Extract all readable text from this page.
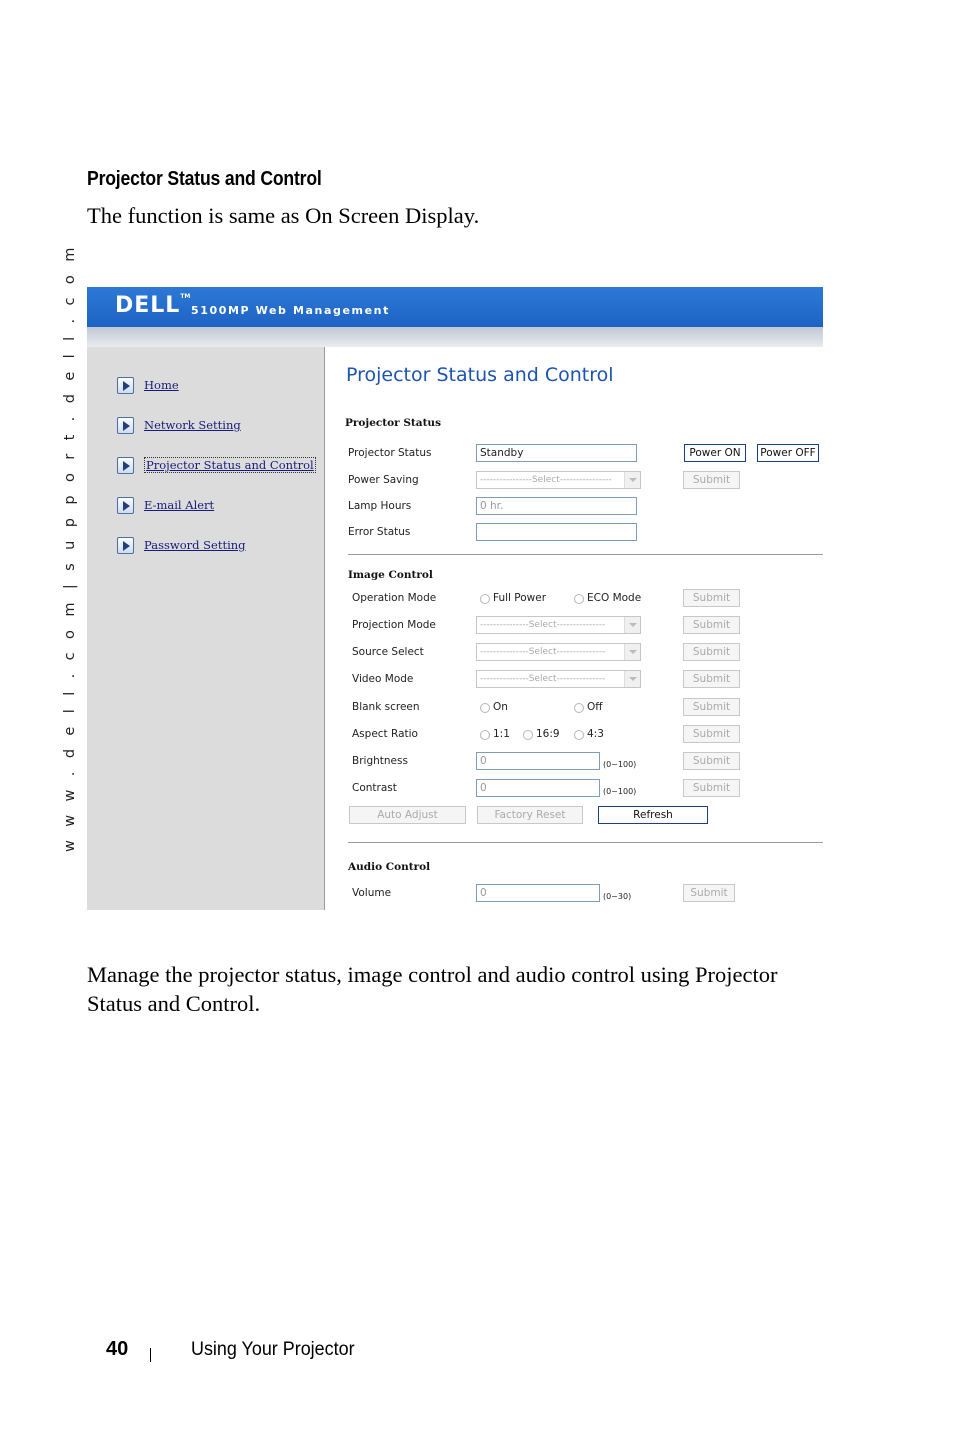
w w w . d e l l . c o m | s u p p o r t . d e l l . c o m
Projector Status and Control
The function is same as On Screen Display.
DELL™
5100MP Web Management
Home
Network Setting
Projector Status and Control
E-mail Alert
Password Setting
Projector Status and Control
Projector Status
Projector Status	Standby	Power ON	Power OFF
Power Saving	----------------Select----------------	Submit
Lamp Hours	0 hr.
Error Status
Image Control
Operation Mode	Full Power	ECO Mode	Submit
Projection Mode	---------------Select---------------	Submit
Source Select	---------------Select---------------	Submit
Video Mode	---------------Select---------------	Submit
Blank screen	On	Off	Submit
Aspect Ratio	1:1 16:9	4:3	Submit
Brightness	0	(0~100)	Submit
Contrast	0	(0~100)	Submit
Auto Adjust	Factory Reset	Refresh
Audio Control
Volume	0	(0~30)	Submit
Manage the projector status, image control and audio control using Projector Status and Control.
40	Using Your Projector
